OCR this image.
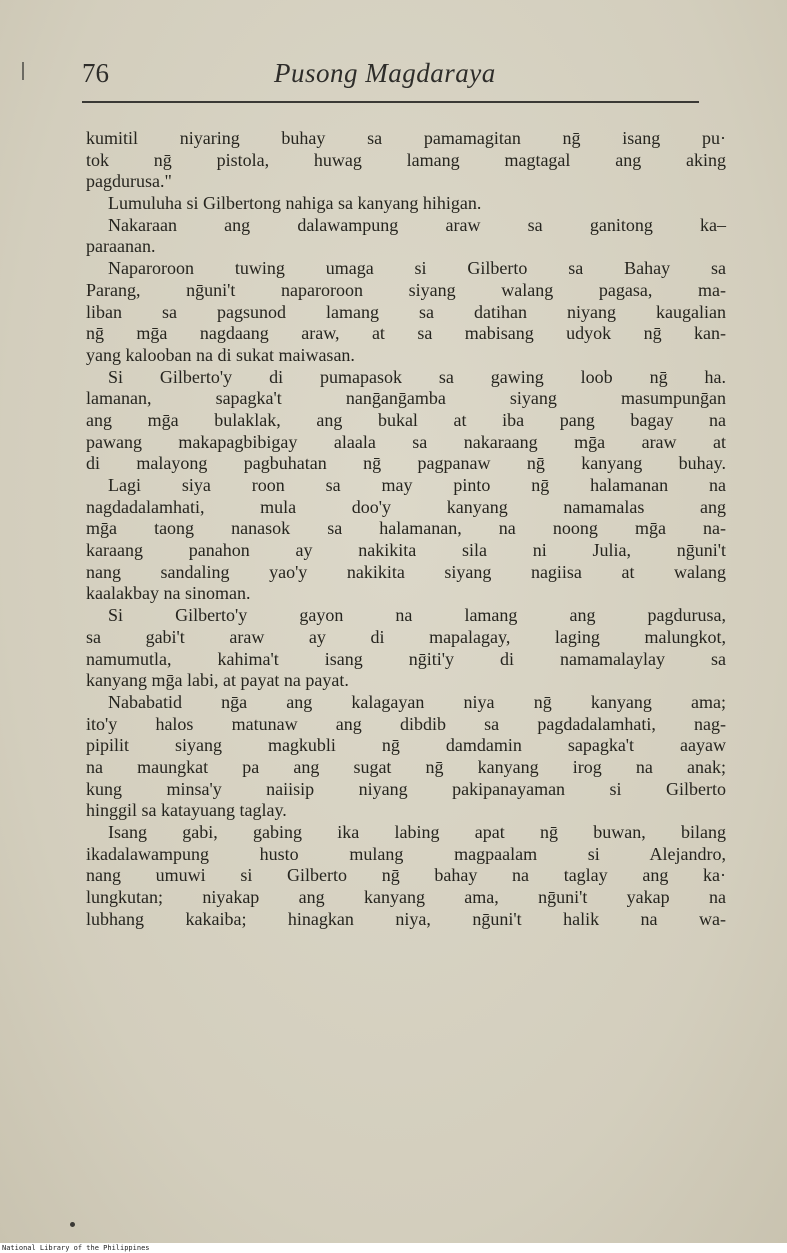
76	Pusong Magdaraya
kumitil niyaring buhay sa pamamagitan nḡ isang pu·
tok nḡ pistola, huwag lamang magtagal ang aking
pagdurusa."
Lumuluha si Gilbertong nahiga sa kanyang hihigan.
Nakaraan ang dalawampung araw sa ganitong ka–
paraanan.
Naparoroon tuwing umaga si Gilberto sa Bahay sa
Parang, nḡuni't naparoroon siyang walang pagasa, ma-
liban sa pagsunod lamang sa datihan niyang kaugalian
nḡ mḡa nagdaang araw, at sa mabisang udyok nḡ kan-
yang kalooban na di sukat maiwasan.
Si Gilberto'y di pumapasok sa gawing loob nḡ ha.
lamanan, sapagka't nanḡanḡamba siyang masumpunḡan
ang mḡa bulaklak, ang bukal at iba pang bagay na
pawang makapagbibigay alaala sa nakaraang mḡa araw at
di malayong pagbuhatan nḡ pagpanaw nḡ kanyang buhay.
Lagi siya roon sa may pinto nḡ halamanan na
nagdadalamhati, mula doo'y kanyang namamalas ang
mḡa taong nanasok sa halamanan, na noong mḡa na-
karaang panahon ay nakikita sila ni Julia, nḡuni't
nang sandaling yao'y nakikita siyang nagiisa at walang
kaalakbay na sinoman.
Si Gilberto'y gayon na lamang ang pagdurusa,
sa gabi't araw ay di mapalagay, laging malungkot,
namumutla, kahima't isang nḡiti'y di namamalaylay sa
kanyang mḡa labi, at payat na payat.
Nababatid nḡa ang kalagayan niya nḡ kanyang ama;
ito'y halos matunaw ang dibdib sa pagdadalamhati, nag-
pipilit siyang magkubli nḡ damdamin sapagka't aayaw
na maungkat pa ang sugat nḡ kanyang irog na anak;
kung minsa'y naiisip niyang pakipanayaman si Gilberto
hinggil sa katayuang taglay.
Isang gabi, gabing ika labing apat nḡ buwan, bilang
ikadalawampung husto mulang magpaalam si Alejandro,
nang umuwi si Gilberto nḡ bahay na taglay ang ka·
lungkutan; niyakap ang kanyang ama, nḡuni't yakap na
lubhang kakaiba; hinagkan niya, nḡuni't halik na wa-
National Library of the Philippines
